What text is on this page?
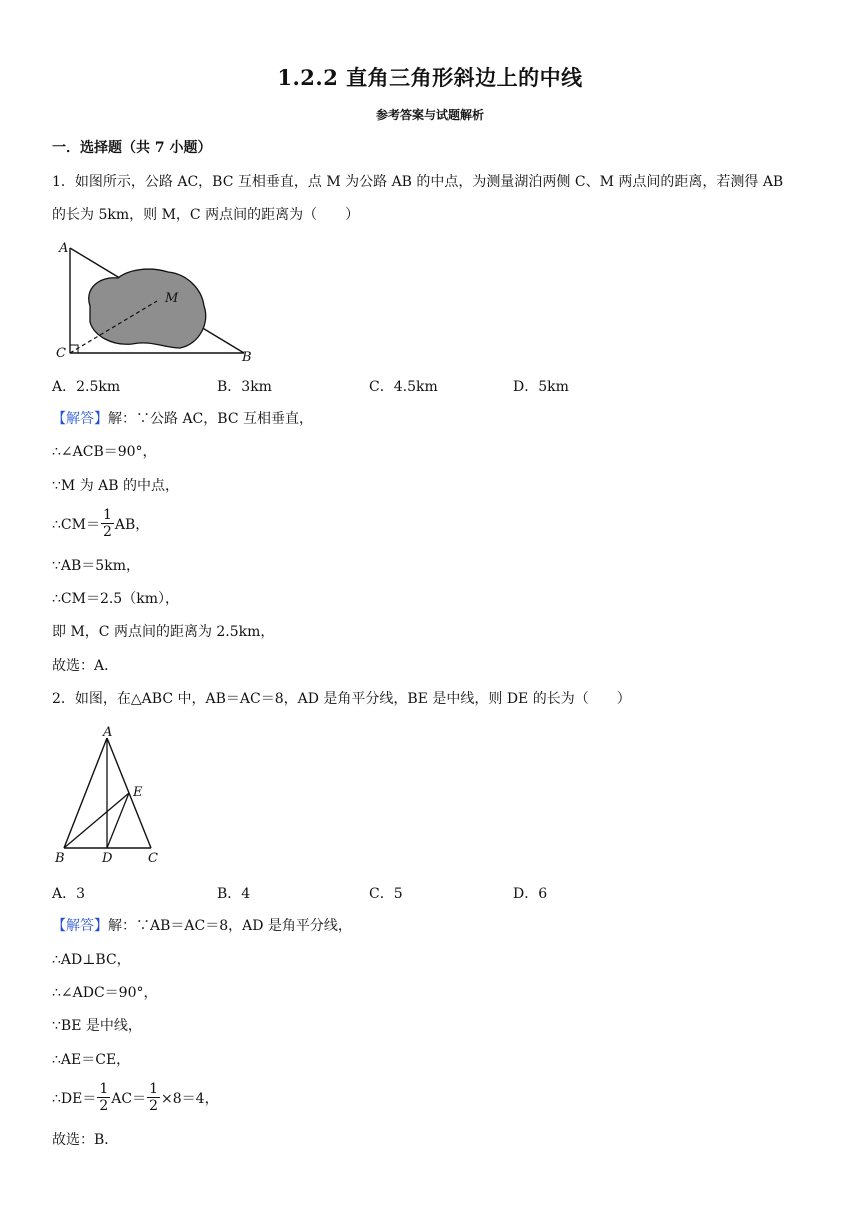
1.2.2 直角三角形斜边上的中线
参考答案与试题解析
一．选择题（共 7 小题）
1．如图所示，公路 AC，BC 互相垂直，点 M 为公路 AB 的中点，为测量湖泊两侧 C、M 两点间的距离，若测得 AB
的长为 5km，则 M，C 两点间的距离为（　　）
A
M
C	B
A．2.5km	B．3km	C．4.5km	D．5km
【解答】解：∵公路 AC，BC 互相垂直，
∴∠ACB＝90°，
∵M 为 AB 的中点，
∴CM＝ $\frac{1}{2}$ AB，
∵AB＝5km，
∴CM＝2.5（km），
即 M，C 两点间的距离为 2.5km，
故选：A．
2．如图，在△ABC 中，AB＝AC＝8，AD 是角平分线，BE 是中线，则 DE 的长为（　　）
A
E
B	D	C
A．3	B．4	C．5	D．6
【解答】解：∵AB＝AC＝8，AD 是角平分线，
∴AD⊥BC，
∴∠ADC＝90°，
∵BE 是中线，
∴AE＝CE，
∴DE＝ $\frac{1}{2} AC= \frac{1}{2} \times 8=4$，
故选：B．
